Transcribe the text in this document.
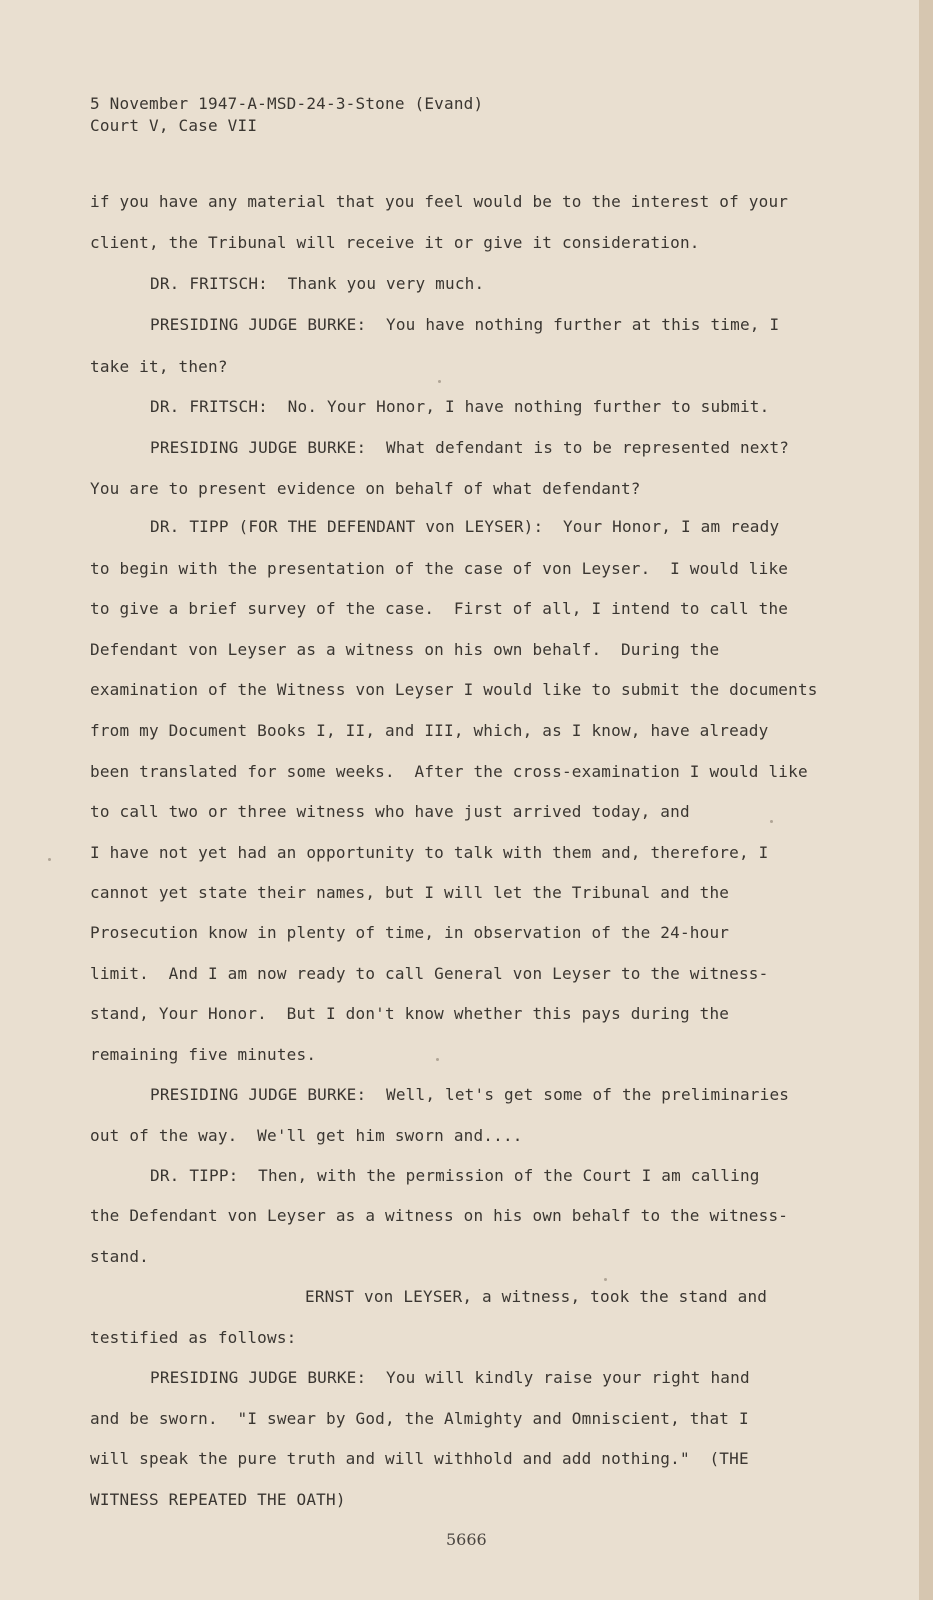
5 November 1947-A-MSD-24-3-Stone (Evand)
Court V, Case VII
if you have any material that you feel would be to the interest of your
client, the Tribunal will receive it or give it consideration.
DR. FRITSCH:  Thank you very much.
PRESIDING JUDGE BURKE:  You have nothing further at this time, I
take it, then?
DR. FRITSCH:  No. Your Honor, I have nothing further to submit.
PRESIDING JUDGE BURKE:  What defendant is to be represented next?
You are to present evidence on behalf of what defendant?
DR. TIPP (FOR THE DEFENDANT von LEYSER):  Your Honor, I am ready
to begin with the presentation of the case of von Leyser.  I would like
to give a brief survey of the case.  First of all, I intend to call the
Defendant von Leyser as a witness on his own behalf.  During the
examination of the Witness von Leyser I would like to submit the documents
from my Document Books I, II, and III, which, as I know, have already
been translated for some weeks.  After the cross-examination I would like
to call two or three witness who have just arrived today, and
I have not yet had an opportunity to talk with them and, therefore, I
cannot yet state their names, but I will let the Tribunal and the
Prosecution know in plenty of time, in observation of the 24-hour
limit.  And I am now ready to call General von Leyser to the witness-
stand, Your Honor.  But I don't know whether this pays during the
remaining five minutes.
PRESIDING JUDGE BURKE:  Well, let's get some of the preliminaries
out of the way.  We'll get him sworn and....
DR. TIPP:  Then, with the permission of the Court I am calling
the Defendant von Leyser as a witness on his own behalf to the witness-
stand.
ERNST von LEYSER, a witness, took the stand and
testified as follows:
PRESIDING JUDGE BURKE:  You will kindly raise your right hand
and be sworn.  "I swear by God, the Almighty and Omniscient, that I
will speak the pure truth and will withhold and add nothing."  (THE
WITNESS REPEATED THE OATH)
5666
